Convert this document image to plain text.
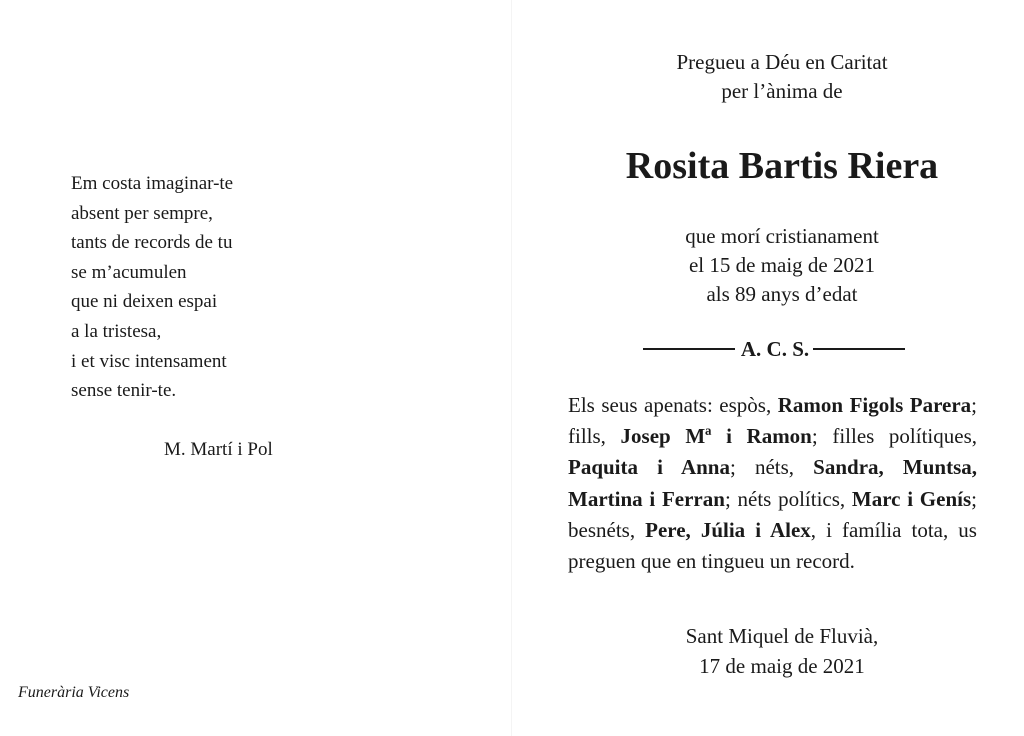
Em costa imaginar-te
absent per sempre,
tants de records de tu
se m’acumulen
que ni deixen espai
a la tristesa,
i et visc intensament
sense tenir-te.
M. Martí i Pol
Funerària Vicens
Pregueu a Déu en Caritat
per l’ànima de
Rosita Bartis Riera
que morí cristianament
el 15 de maig de 2021
als 89 anys d’edat
A. C. S.

Els seus apenats: espòs, Ramon Figols Parera; fills, Josep Mª i Ramon; filles polítiques, Paquita i Anna; néts, Sandra, Muntsa, Martina i Ferran; néts polítics, Marc i Genís; besnéts, Pere, Júlia i Alex, i família tota, us preguen que en tingueu un record.

Sant Miquel de Fluvià,
17 de maig de 2021
